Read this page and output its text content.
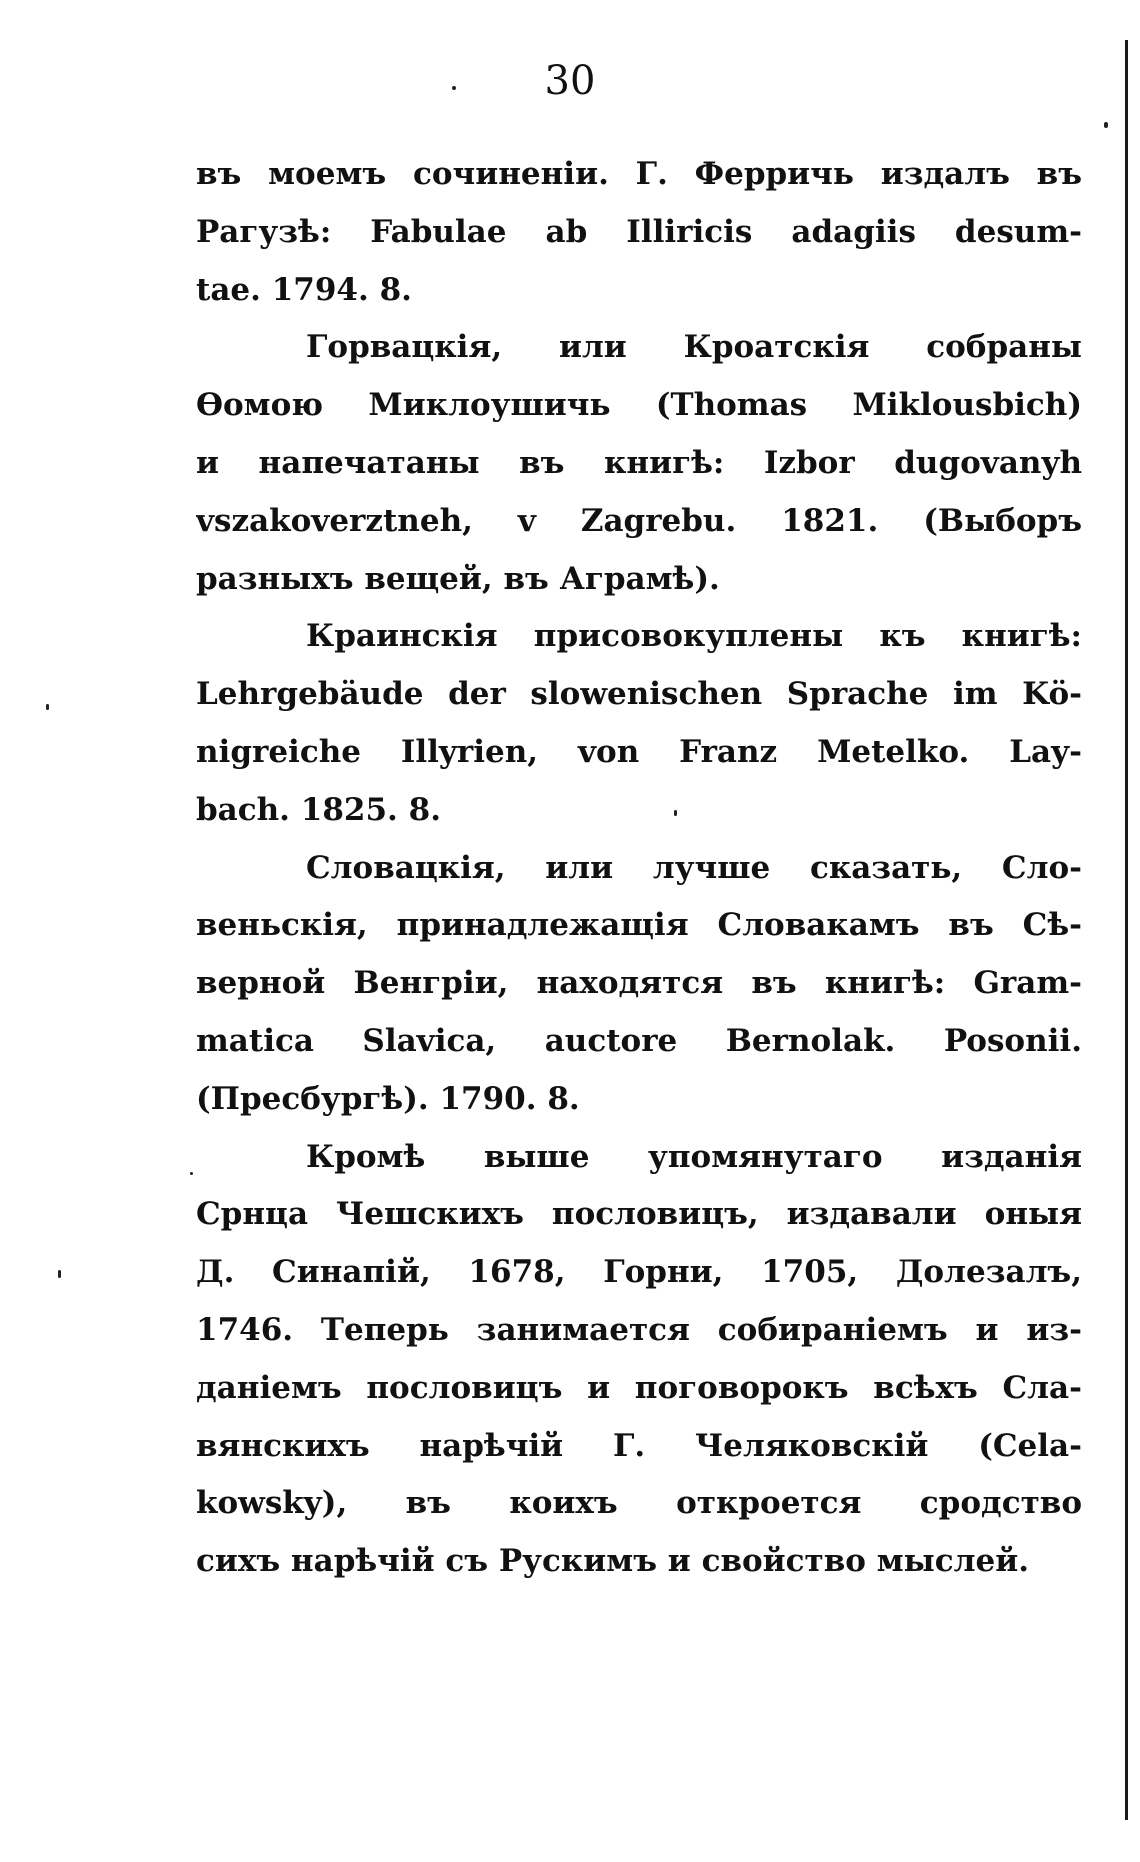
30
въ моемъ сочиненіи. Г. Ферричь издалъ въ
Рагузѣ: Fabulae ab Illiricis adagiis desum-
tae. 1794. 8.
Горвацкія, или Кроатскія собраны
Ѳомою Миклоушичь (Thomas Miklousbich)
и напечатаны въ книгѣ: Izbor dugovanyh
vszakoverztneh, v Zagrebu. 1821. (Выборъ
разныхъ вещей, въ Аграмѣ).
Краинскія присовокуплены къ книгѣ:
Lehrgebäude der slowenischen Sprache im Kö-
nigreiche Illyrien, von Franz Metelko. Lay-
bach. 1825. 8.
Словацкія, или лучше сказать, Сло-
веньскія, принадлежащія Словакамъ въ Сѣ-
верной Венгріи, находятся въ книгѣ: Gram-
matica Slavica, auctore Bernolak. Posonii.
(Пресбургѣ). 1790. 8.
Кромѣ выше упомянутаго изданія
Срнца Чешскихъ пословицъ, издавали оныя
Д. Синапій, 1678, Горни, 1705, Долезалъ,
1746. Теперь занимается собираніемъ и из-
даніемъ пословицъ и поговорокъ всѣхъ Сла-
вянскихъ нарѣчій Г. Челяковскій (Cela-
kowsky), въ коихъ откроется сродство
сихъ нарѣчій съ Рускимъ и свойство мыслей.
